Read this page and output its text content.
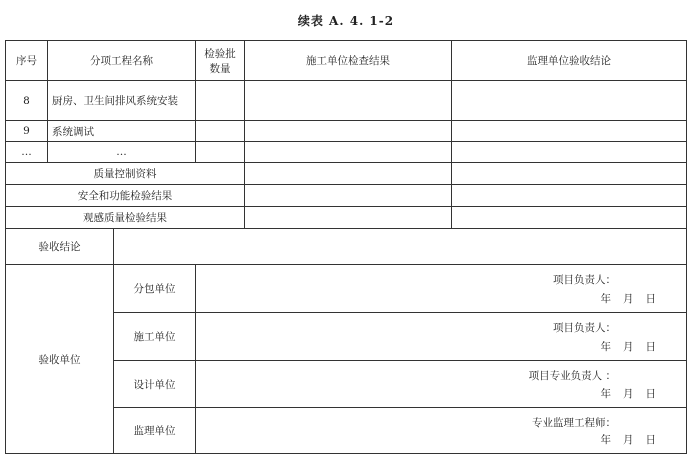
续表 A. 4. 1-2
序号	分项工程名称		检验批数量	施工单位检查结果	监理单位验收结论
8	厨房、卫生间排风系统安装				
9	系统调试				
…	…				
质量控制资料					
安全和功能检验结果					
观感质量检验结果					
验收结论					
验收单位		分包单位	项目负责人：
年 月 日		

		施工单位	项目负责人：
年 月 日		

		设计单位	项目专业负责人 ：
年 月 日		

		监理单位	专业监理工程师：
年 月 日		
